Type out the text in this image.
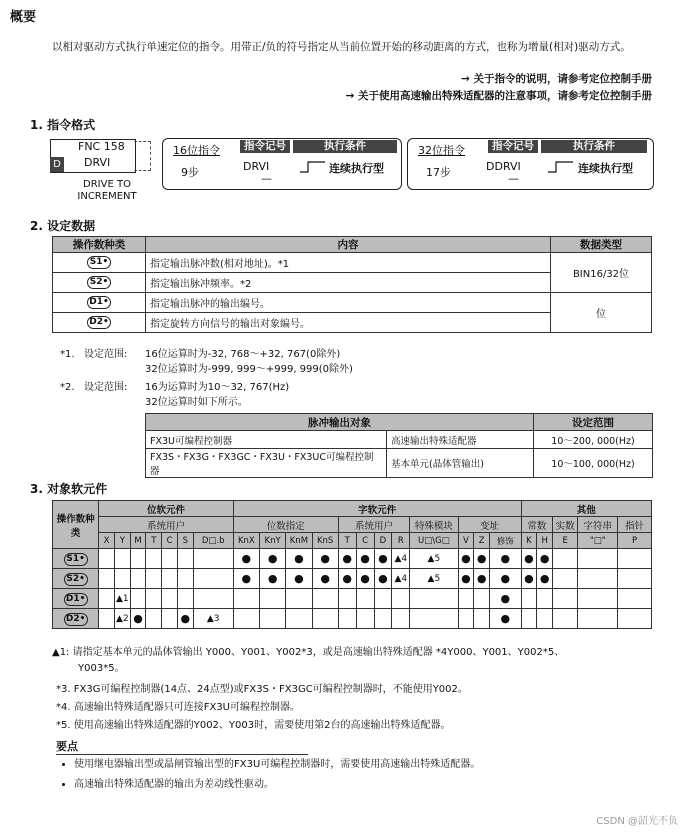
概要
以相对驱动方式执行单速定位的指令。用带正/负的符号指定从当前位置开始的移动距离的方式，也称为增量(相对)驱动方式。
→ 关于指令的说明，请参考定位控制手册
→ 关于使用高速输出特殊适配器的注意事项，请参考定位控制手册
1. 指令格式
D
FNC 158
DRVI
DRIVE TO INCREMENT
16位指令
9步
指令记号	执行条件
DRVI
—
连续执行型
32位指令
17步
指令记号	执行条件
DDRVI
—
连续执行型
2. 设定数据
操作数种类	内容	数据类型
S1•	指定输出脉冲数(相对地址)。*1	BIN16/32位
S2•	指定输出脉冲频率。*2	
D1•	指定输出脉冲的输出编号。	位
D2•	指定旋转方向信号的输出对象编号。	
*1. 设定范围: 16位运算时为-32, 768～+32, 767(0除外)
32位运算时为-999, 999～+999, 999(0除外)
*2. 设定范围: 16为运算时为10～32, 767(Hz)
32位运算时如下所示。
脉冲输出对象		设定范围
FX3U可编程控制器	高速输出特殊适配器	10～200, 000(Hz)
FX3S・FX3G・FX3GC・FX3U・FX3UC可编程控制器	基本单元(晶体管输出)	10～100, 000(Hz)
3. 对象软元件
操作数种类	位软元件							字软元件												其他				
	系统用户							位数指定				系统用户				特殊模块	变址			常数		实数	字符串	指针
	X	Y	M	T	C	S	D□.b	KnX	KnY	KnM	KnS	T	C	D	R	U□\G□	V	Z	修饰	K	H	E	"□"	P
S1•								●	●	●	●	●	●	●	▲4	▲5	●	●	●	●	●			
S2•								●	●	●	●	●	●	●	▲4	▲5	●	●	●	●	●			
D1•		▲1																	●					
D2•		▲2	●			●	▲3												●					
▲1: 请指定基本单元的晶体管输出 Y000、Y001、Y002*3，或是高速输出特殊适配器 *4Y000、Y001、Y002*5、
Y003*5。
*3. FX3G可编程控制器(14点、24点型)或FX3S・FX3GC可编程控制器时，不能使用Y002。
*4. 高速输出特殊适配器只可连接FX3U可编程控制器。
*5. 使用高速输出特殊适配器的Y002、Y003时，需要使用第2台的高速输出特殊适配器。
要点
• 使用继电器输出型或晶闸管输出型的FX3U可编程控制器时，需要使用高速输出特殊适配器。
• 高速输出特殊适配器的输出为差动线性驱动。
CSDN @韶光不负
